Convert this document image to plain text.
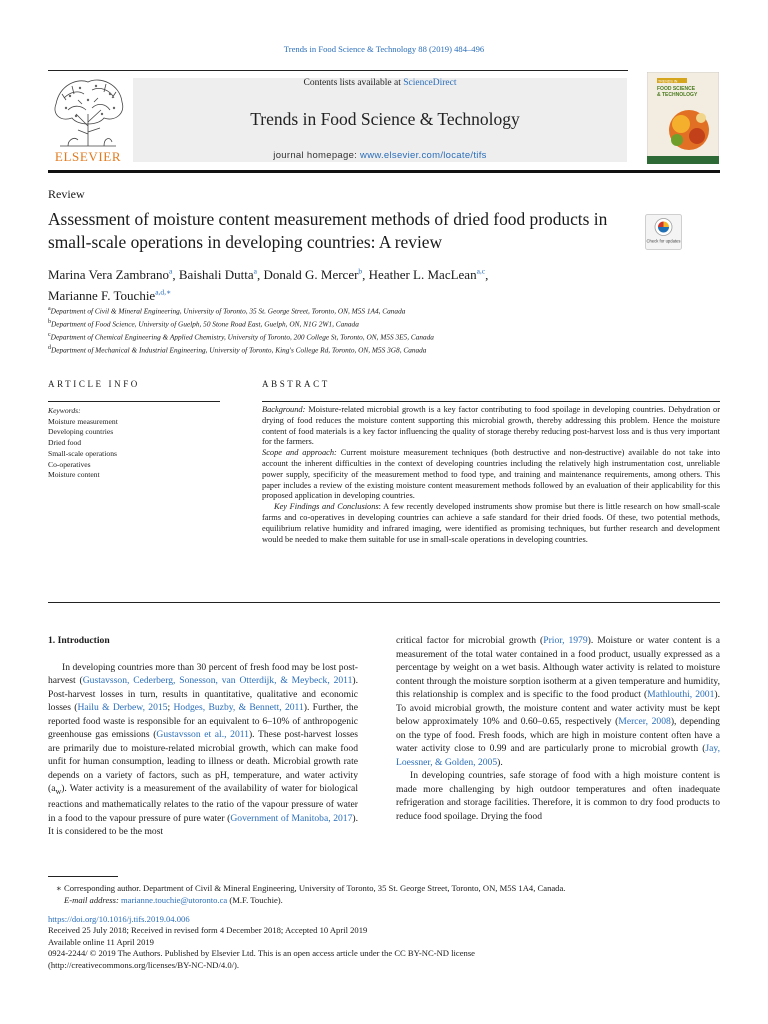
Trends in Food Science & Technology 88 (2019) 484–496
ELSEVIER
Contents lists available at ScienceDirect
Trends in Food Science & Technology
journal homepage: www.elsevier.com/locate/tifs
TRENDS IN
FOOD SCIENCE
& TECHNOLOGY
Review
Assessment of moisture content measurement methods of dried food products in small-scale operations in developing countries: A review	Check for updates
Marina Vera Zambrano$^a$, Baishali Dutta$^a$, Donald G. Mercer$^b$, Heather L. MacLean$^{a,c}$,
Marianne F. Touchie$^{a,d,∗}$
$^a$Department of Civil & Mineral Engineering, University of Toronto, 35 St. George Street, Toronto, ON, M5S 1A4, Canada
$^b$Department of Food Science, University of Guelph, 50 Stone Road East, Guelph, ON, N1G 2W1, Canada
$^c$Department of Chemical Engineering & Applied Chemistry, University of Toronto, 200 College St, Toronto, ON, M5S 3E5, Canada
$^d$Department of Mechanical & Industrial Engineering, University of Toronto, King's College Rd, Toronto, ON, M5S 3G8, Canada
ARTICLE INFO	ABSTRACT
Keywords:
Moisture measurement
Developing countries
Dried food
Small-scale operations
Co-operatives
Moisture content

Background: Moisture-related microbial growth is a key factor contributing to food spoilage in developing countries. Dehydration or drying of food reduces the moisture content supporting this microbial growth, thereby addressing this problem. Hence the moisture content of food materials is a key factor influencing the quality of storage thereby reducing post-harvest loss and is thus very important for the farmers.

Scope and approach: Current moisture measurement techniques (both destructive and non-destructive) available do not take into account the inherent difficulties in the context of developing countries including the relatively high instrumentation cost, unreliable power supply, specificity of the measurement method to food type, and training and maintenance requirements, among others. This paper includes a review of the existing moisture content measurement methods followed by an evaluation of their applicability for this proposed application in developing countries.

Key Findings and Conclusions: A few recently developed instruments show promise but there is little research on how small-scale farms and co-operatives in developing countries can achieve a safe standard for their dried foods. Of these, two potential methods, equilibrium relative humidity and infrared imaging, were identified as promising techniques, but further research and development would be needed to make them suitable for use in small-scale operations in developing countries.

1. Introduction

In developing countries more than 30 percent of fresh food may be lost post-harvest (Gustavsson, Cederberg, Sonesson, van Otterdijk, & Meybeck, 2011). Post-harvest losses in turn, results in quantitative, qualitative and economic losses (Hailu & Derbew, 2015; Hodges, Buzby, & Bennett, 2011). Further, the reported food waste is responsible for an equivalent to 6–10% of anthropogenic greenhouse gas emissions (Gustavsson et al., 2011). These post-harvest losses are primarily due to moisture-related microbial growth, which can make food unfit for human consumption, leading to illness or death. Microbial growth rate depends on a variety of factors, such as pH, temperature, and water activity $(a_w)$. Water activity is a measurement of the availability of water for biological reactions and mathematically relates to the ratio of the vapour pressure of water in a food to the vapour pressure of pure water (Government of Manitoba, 2017). It is considered to be the most

critical factor for microbial growth (Prior, 1979). Moisture or water content is a measurement of the total water contained in a food product, usually expressed as a percentage by weight on a wet basis. Although water activity is related to moisture content through the moisture sorption isotherm at a given temperature and humidity, this relationship is complex and is specific to the food product (Mathlouthi, 2001). To avoid microbial growth, the moisture content and water activity must be kept below approximately 10% and 0.60–0.65, respectively (Mercer, 2008), depending on the type of food. Fresh foods, which are high in moisture content often have a water activity close to 0.99 and are particularly prone to microbial growth (Jay, Loessner, & Golden, 2005).

In developing countries, safe storage of food with a high moisture content is made more challenging by high outdoor temperatures and often inadequate refrigeration and storage facilities. Therefore, it is common to dry food products to reduce food spoilage. Drying the food

∗ Corresponding author. Department of Civil & Mineral Engineering, University of Toronto, 35 St. George Street, Toronto, ON, M5S 1A4, Canada.

E-mail address: marianne.touchie@utoronto.ca (M.F. Touchie).

https://doi.org/10.1016/j.tifs.2019.04.006

Received 25 July 2018; Received in revised form 4 December 2018; Accepted 10 April 2019

Available online 11 April 2019

0924-2244/ © 2019 The Authors. Published by Elsevier Ltd. This is an open access article under the CC BY-NC-ND license

(http://creativecommons.org/licenses/BY-NC-ND/4.0/).
